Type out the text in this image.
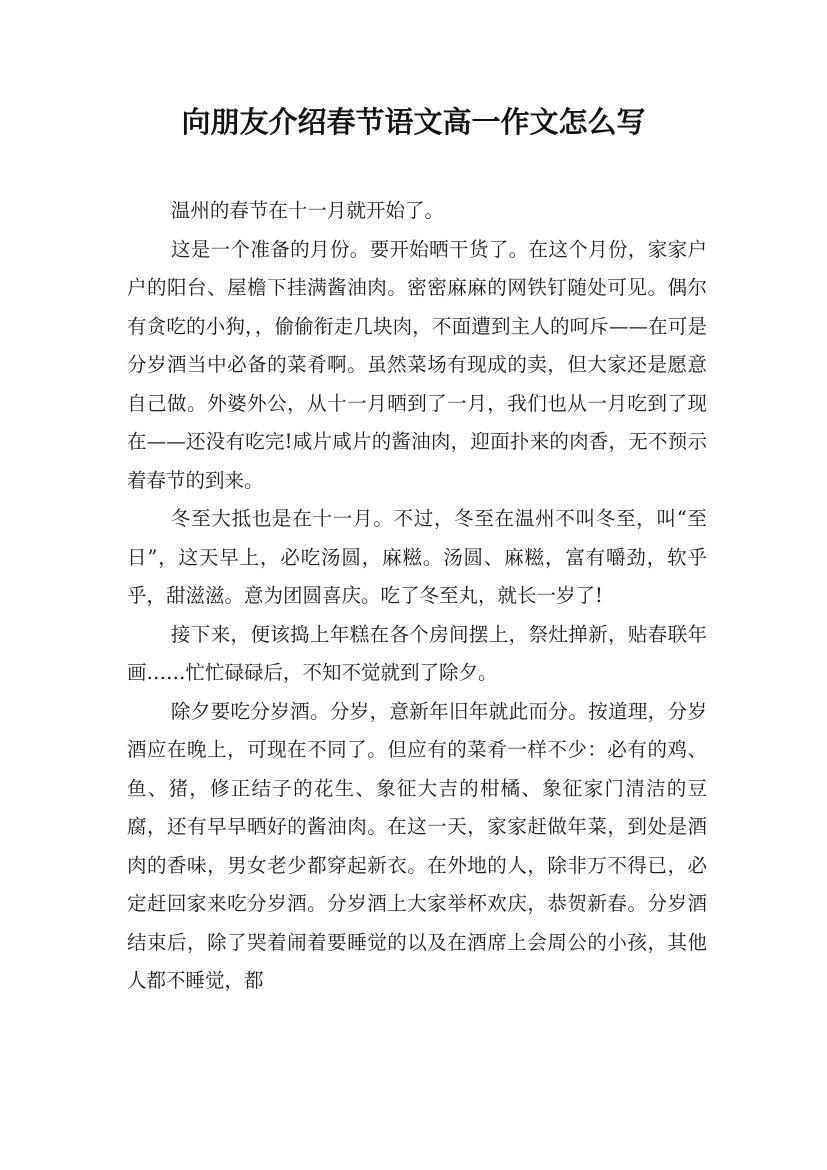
向朋友介绍春节语文高一作文怎么写

温州的春节在十一月就开始了。

这是一个准备的月份。要开始晒干货了。在这个月份，家家户户的阳台、屋檐下挂满酱油肉。密密麻麻的网铁钉随处可见。偶尔有贪吃的小狗，，偷偷衔走几块肉，不面遭到主人的呵斥——在可是分岁酒当中必备的菜肴啊。虽然菜场有现成的卖，但大家还是愿意自己做。外婆外公，从十一月晒到了一月，我们也从一月吃到了现在——还没有吃完!咸片咸片的酱油肉，迎面扑来的肉香，无不预示着春节的到来。

冬至大抵也是在十一月。不过，冬至在温州不叫冬至，叫“至日”，这天早上，必吃汤圆，麻糍。汤圆、麻糍，富有嚼劲，软乎乎，甜滋滋。意为团圆喜庆。吃了冬至丸，就长一岁了!

接下来，便该捣上年糕在各个房间摆上，祭灶掸新，贴春联年画……忙忙碌碌后，不知不觉就到了除夕。

除夕要吃分岁酒。分岁，意新年旧年就此而分。按道理，分岁酒应在晚上，可现在不同了。但应有的菜肴一样不少：必有的鸡、鱼、猪，修正结子的花生、象征大吉的柑橘、象征家门清洁的豆腐，还有早早晒好的酱油肉。在这一天，家家赶做年菜，到处是酒肉的香味，男女老少都穿起新衣。在外地的人，除非万不得已，必定赶回家来吃分岁酒。分岁酒上大家举杯欢庆，恭贺新春。分岁酒结束后，除了哭着闹着要睡觉的以及在酒席上会周公的小孩，其他人都不睡觉，都
